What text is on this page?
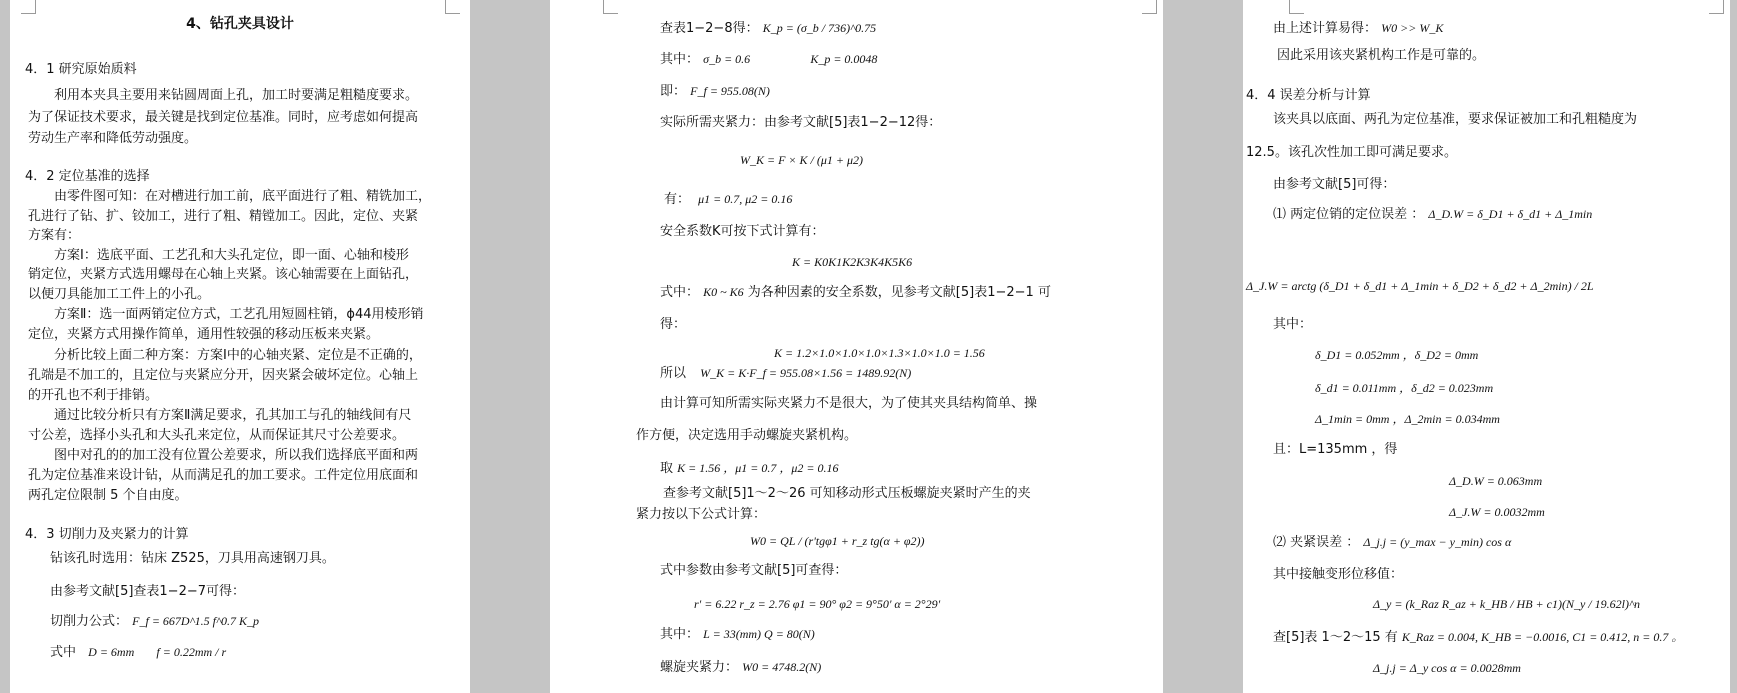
4、钻孔夹具设计
4．1 研究原始质料
利用本夹具主要用来钻圆周面上孔，加工时要满足粗糙度要求。
为了保证技术要求，最关键是找到定位基准。同时，应考虑如何提高
劳动生产率和降低劳动强度。
4．2 定位基准的选择
由零件图可知：在对槽进行加工前，底平面进行了粗、精铣加工，
孔进行了钻、扩、铰加工，进行了粗、精镗加工。因此，定位、夹紧
方案有：
方案Ⅰ：选底平面、工艺孔和大头孔定位，即一面、心轴和棱形
销定位，夹紧方式选用螺母在心轴上夹紧。该心轴需要在上面钻孔，
以便刀具能加工工件上的小孔。
方案Ⅱ：选一面两销定位方式，工艺孔用短圆柱销，ϕ44用棱形销
定位，夹紧方式用操作简单，通用性较强的移动压板来夹紧。
分析比较上面二种方案：方案Ⅰ中的心轴夹紧、定位是不正确的，
孔端是不加工的，且定位与夹紧应分开，因夹紧会破坏定位。心轴上
的开孔也不利于排销。
通过比较分析只有方案Ⅱ满足要求，孔其加工与孔的轴线间有尺
寸公差，选择小头孔和大头孔来定位，从而保证其尺寸公差要求。
图中对孔的的加工没有位置公差要求，所以我们选择底平面和两
孔为定位基准来设计钻，从而满足孔的加工要求。工件定位用底面和
两孔定位限制 5 个自由度。
4．3 切削力及夹紧力的计算
钻该孔时选用：钻床 Z525，刀具用高速钢刀具。
由参考文献[5]查表1−2−7可得：
切削力公式： F_f = 667D^1.5 f^0.7 K_p
式中 D = 6mm f = 0.22mm / r
查表1−2−8得： K_p = (σ_b / 736)^0.75
其中： σ_b = 0.6	K_p = 0.0048
即： F_f = 955.08(N)
实际所需夹紧力：由参考文献[5]表1−2−12得：
W_K = F × K / (μ1 + μ2)
有： μ1 = 0.7, μ2 = 0.16
安全系数K可按下式计算有：
K = K0K1K2K3K4K5K6
式中： K0 ~ K6 为各种因素的安全系数，见参考文献[5]表1−2−1 可
得：
K = 1.2×1.0×1.0×1.0×1.3×1.0×1.0 = 1.56
所以 W_K = K·F_f = 955.08×1.56 = 1489.92(N)
由计算可知所需实际夹紧力不是很大，为了使其夹具结构简单、操
作方便，决定选用手动螺旋夹紧机构。
取 K = 1.56 ，μ1 = 0.7 ，μ2 = 0.16
查参考文献[5]1～2～26 可知移动形式压板螺旋夹紧时产生的夹
紧力按以下公式计算：
W0 = QL / (r'tgφ1 + r_z tg(α + φ2))
式中参数由参考文献[5]可查得：
r' = 6.22 r_z = 2.76 φ1 = 90° φ2 = 9°50' α = 2°29'
其中： L = 33(mm) Q = 80(N)
螺旋夹紧力： W0 = 4748.2(N)
由上述计算易得： W0 >> W_K
因此采用该夹紧机构工作是可靠的。
4．4 误差分析与计算
该夹具以底面、两孔为定位基准，要求保证被加工和孔粗糙度为
12.5。该孔次性加工即可满足要求。
由参考文献[5]可得：
⑴ 两定位销的定位误差 ： Δ_D.W = δ_D1 + δ_d1 + Δ_1min
Δ_J.W = arctg (δ_D1 + δ_d1 + Δ_1min + δ_D2 + δ_d2 + Δ_2min) / 2L
其中：
δ_D1 = 0.052mm ，δ_D2 = 0mm
δ_d1 = 0.011mm ，δ_d2 = 0.023mm
Δ_1min = 0mm ，Δ_2min = 0.034mm
且：L=135mm ，得
Δ_D.W = 0.063mm
Δ_J.W = 0.0032mm
⑵ 夹紧误差 ： Δ_j.j = (y_max − y_min) cos α
其中接触变形位移值：
Δ_y = (k_Raz R_az + k_HB / HB + c1)(N_y / 19.62l)^n
查[5]表 1～2～15 有 K_Raz = 0.004, K_HB = −0.0016, C1 = 0.412, n = 0.7 。
Δ_j.j = Δ_y cos α = 0.0028mm
